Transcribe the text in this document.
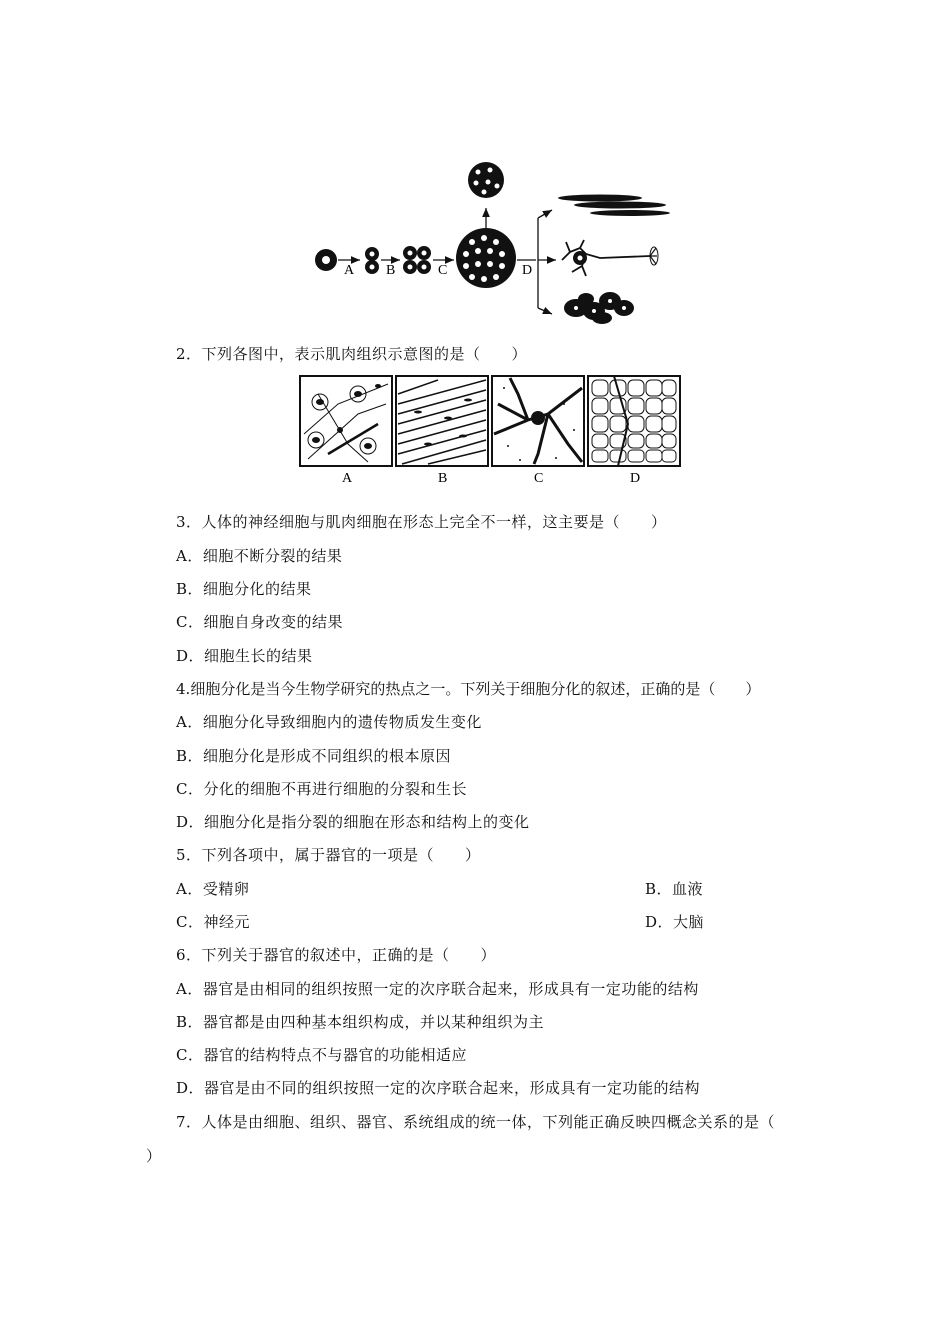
A B	C	D
2．下列各图中，表示肌肉组织示意图的是（　　）
A	B	C	D
3．人体的神经细胞与肌肉细胞在形态上完全不一样，这主要是（　　）
A．细胞不断分裂的结果
B．细胞分化的结果
C．细胞自身改变的结果
D．细胞生长的结果
4.细胞分化是当今生物学研究的热点之一。下列关于细胞分化的叙述，正确的是（　　）
A．细胞分化导致细胞内的遗传物质发生变化
B．细胞分化是形成不同组织的根本原因
C．分化的细胞不再进行细胞的分裂和生长
D．细胞分化是指分裂的细胞在形态和结构上的变化
5．下列各项中，属于器官的一项是（　　）
A．受精卵	B．血液
C．神经元	D．大脑
6．下列关于器官的叙述中，正确的是（　　）
A．器官是由相同的组织按照一定的次序联合起来，形成具有一定功能的结构
B．器官都是由四种基本组织构成，并以某种组织为主
C．器官的结构特点不与器官的功能相适应
D．器官是由不同的组织按照一定的次序联合起来，形成具有一定功能的结构
7．人体是由细胞、组织、器官、系统组成的统一体，下列能正确反映四概念关系的是（
）
